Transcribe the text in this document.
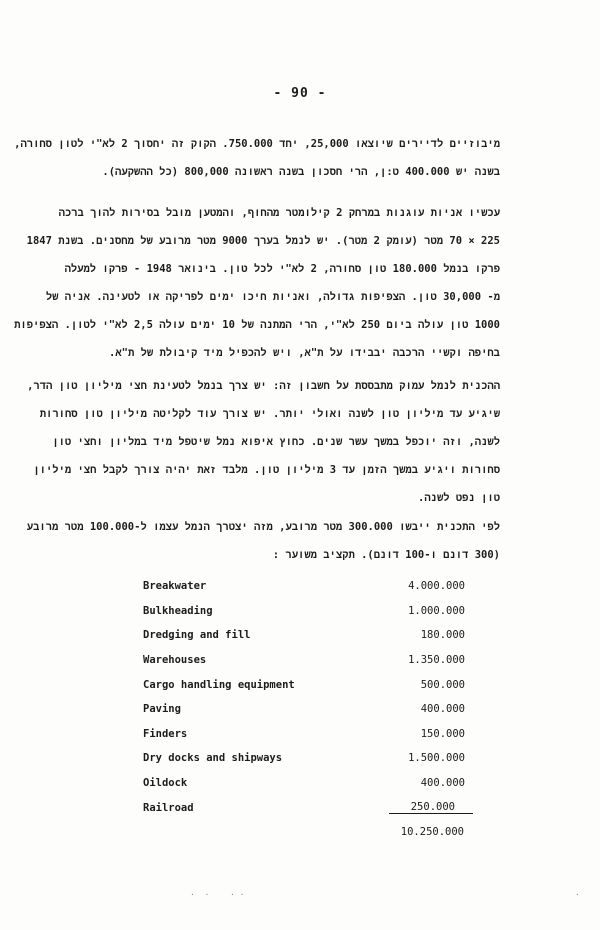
- 90 -
מיבוזיים לדיירים שיוצאו 25,000, יחד 750.000. הקוק זה יחסוך 2 לא"י לטון סחורה,
בשנה יש 400.000 ט:ן, הרי חסכון בשנה ראשונה 800,000 (כל ההשקעה).
עכשיו אניות עוגנות במרחק 2 קילומטר מהחוף, והמטען מובל בסירות להוך ברכה
225 × 70 מטר (עומק 2 מטר). יש לנמל בערך 9000 מטר מרובע של מחסנים. בשנת 1847
פרקו בנמל 180.000 טון סחורה, 2 לא"י לכל טון. בינואר 1948 - פרקו למעלה
מ- 30,000 טון. הצפיפות גדולה, ואניות חיכו ימים לפריקה או לטעינה. אניה של
1000 טון עולה ביום 250 לא"י, הרי המתנה של 10 ימים עולה 2,5 לא"י לטון. הצפיפות
בחיפה וקשיי הרכבה יבבידו על ת"א, ויש להכפיל מיד קיבולת של ת"א.
ההכנית לנמל עמוק מתבססת על חשבון זה: יש צרך בנמל לטעינת חצי מיליון טון הדר,
שיגיע עד מיליון טון לשנה ואולי יותר. יש צורך עוד לקליטה מיליון טון סחורות
לשנה, וזה יוכפל במשך עשר שנים. כחוץ איפוא נמל שיטפל מיד במליון וחצי טון
סחורות ויגיע במשך הזמן עד 3 מיליון טון. מלבד זאת יהיה צורך לקבל חצי מיליון
טון נפט לשנה.
לפי התכנית ייבשו 300.000 מטר מרובע, מזה יצטרך הנמל עצמו ל-100.000 מטר מרובע
(300 דונם ו-100 דונם). תקציב משוער :
Breakwater	4.000.000
Bulkheading	1.000.000
Dredging and fill	180.000
Warehouses	1.350.000
Cargo handling equipment	500.000
Paving	400.000
Finders	150.000
Dry docks and shipways	1.500.000
Oildock	400.000
Railroad	250.000
10.250.000
·  ·	· ·	·
